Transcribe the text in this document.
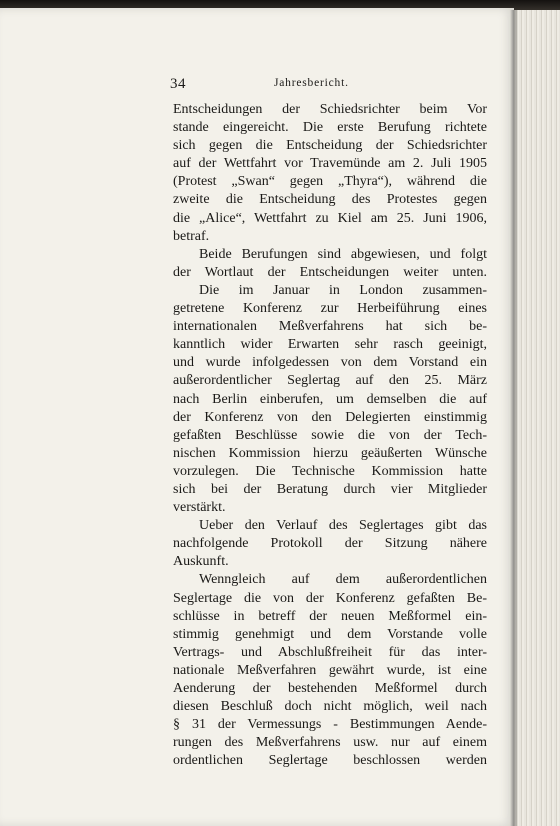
34	Jahresbericht.
Entscheidungen der Schiedsrichter beim Vor
stande eingereicht. Die erste Berufung richtete
sich gegen die Entscheidung der Schiedsrichter
auf der Wettfahrt vor Travemünde am 2. Juli 1905
(Protest „Swan“ gegen „Thyra“), während die
zweite die Entscheidung des Protestes gegen
die „Alice“, Wettfahrt zu Kiel am 25. Juni 1906,
betraf.
Beide Berufungen sind abgewiesen, und folgt
der Wortlaut der Entscheidungen weiter unten.
Die im Januar in London zusammen-
getretene Konferenz zur Herbeiführung eines
internationalen Meßverfahrens hat sich be-
kanntlich wider Erwarten sehr rasch geeinigt,
und wurde infolgedessen von dem Vorstand ein
außerordentlicher Seglertag auf den 25. März
nach Berlin einberufen, um demselben die auf
der Konferenz von den Delegierten einstimmig
gefaßten Beschlüsse sowie die von der Tech-
nischen Kommission hierzu geäußerten Wünsche
vorzulegen. Die Technische Kommission hatte
sich bei der Beratung durch vier Mitglieder
verstärkt.
Ueber den Verlauf des Seglertages gibt das
nachfolgende Protokoll der Sitzung nähere
Auskunft.
Wenngleich auf dem außerordentlichen
Seglertage die von der Konferenz gefaßten Be-
schlüsse in betreff der neuen Meßformel ein-
stimmig genehmigt und dem Vorstande volle
Vertrags- und Abschlußfreiheit für das inter-
nationale Meßverfahren gewährt wurde, ist eine
Aenderung der bestehenden Meßformel durch
diesen Beschluß doch nicht möglich, weil nach
§ 31 der Vermessungs - Bestimmungen Aende-
rungen des Meßverfahrens usw. nur auf einem
ordentlichen Seglertage beschlossen werden
